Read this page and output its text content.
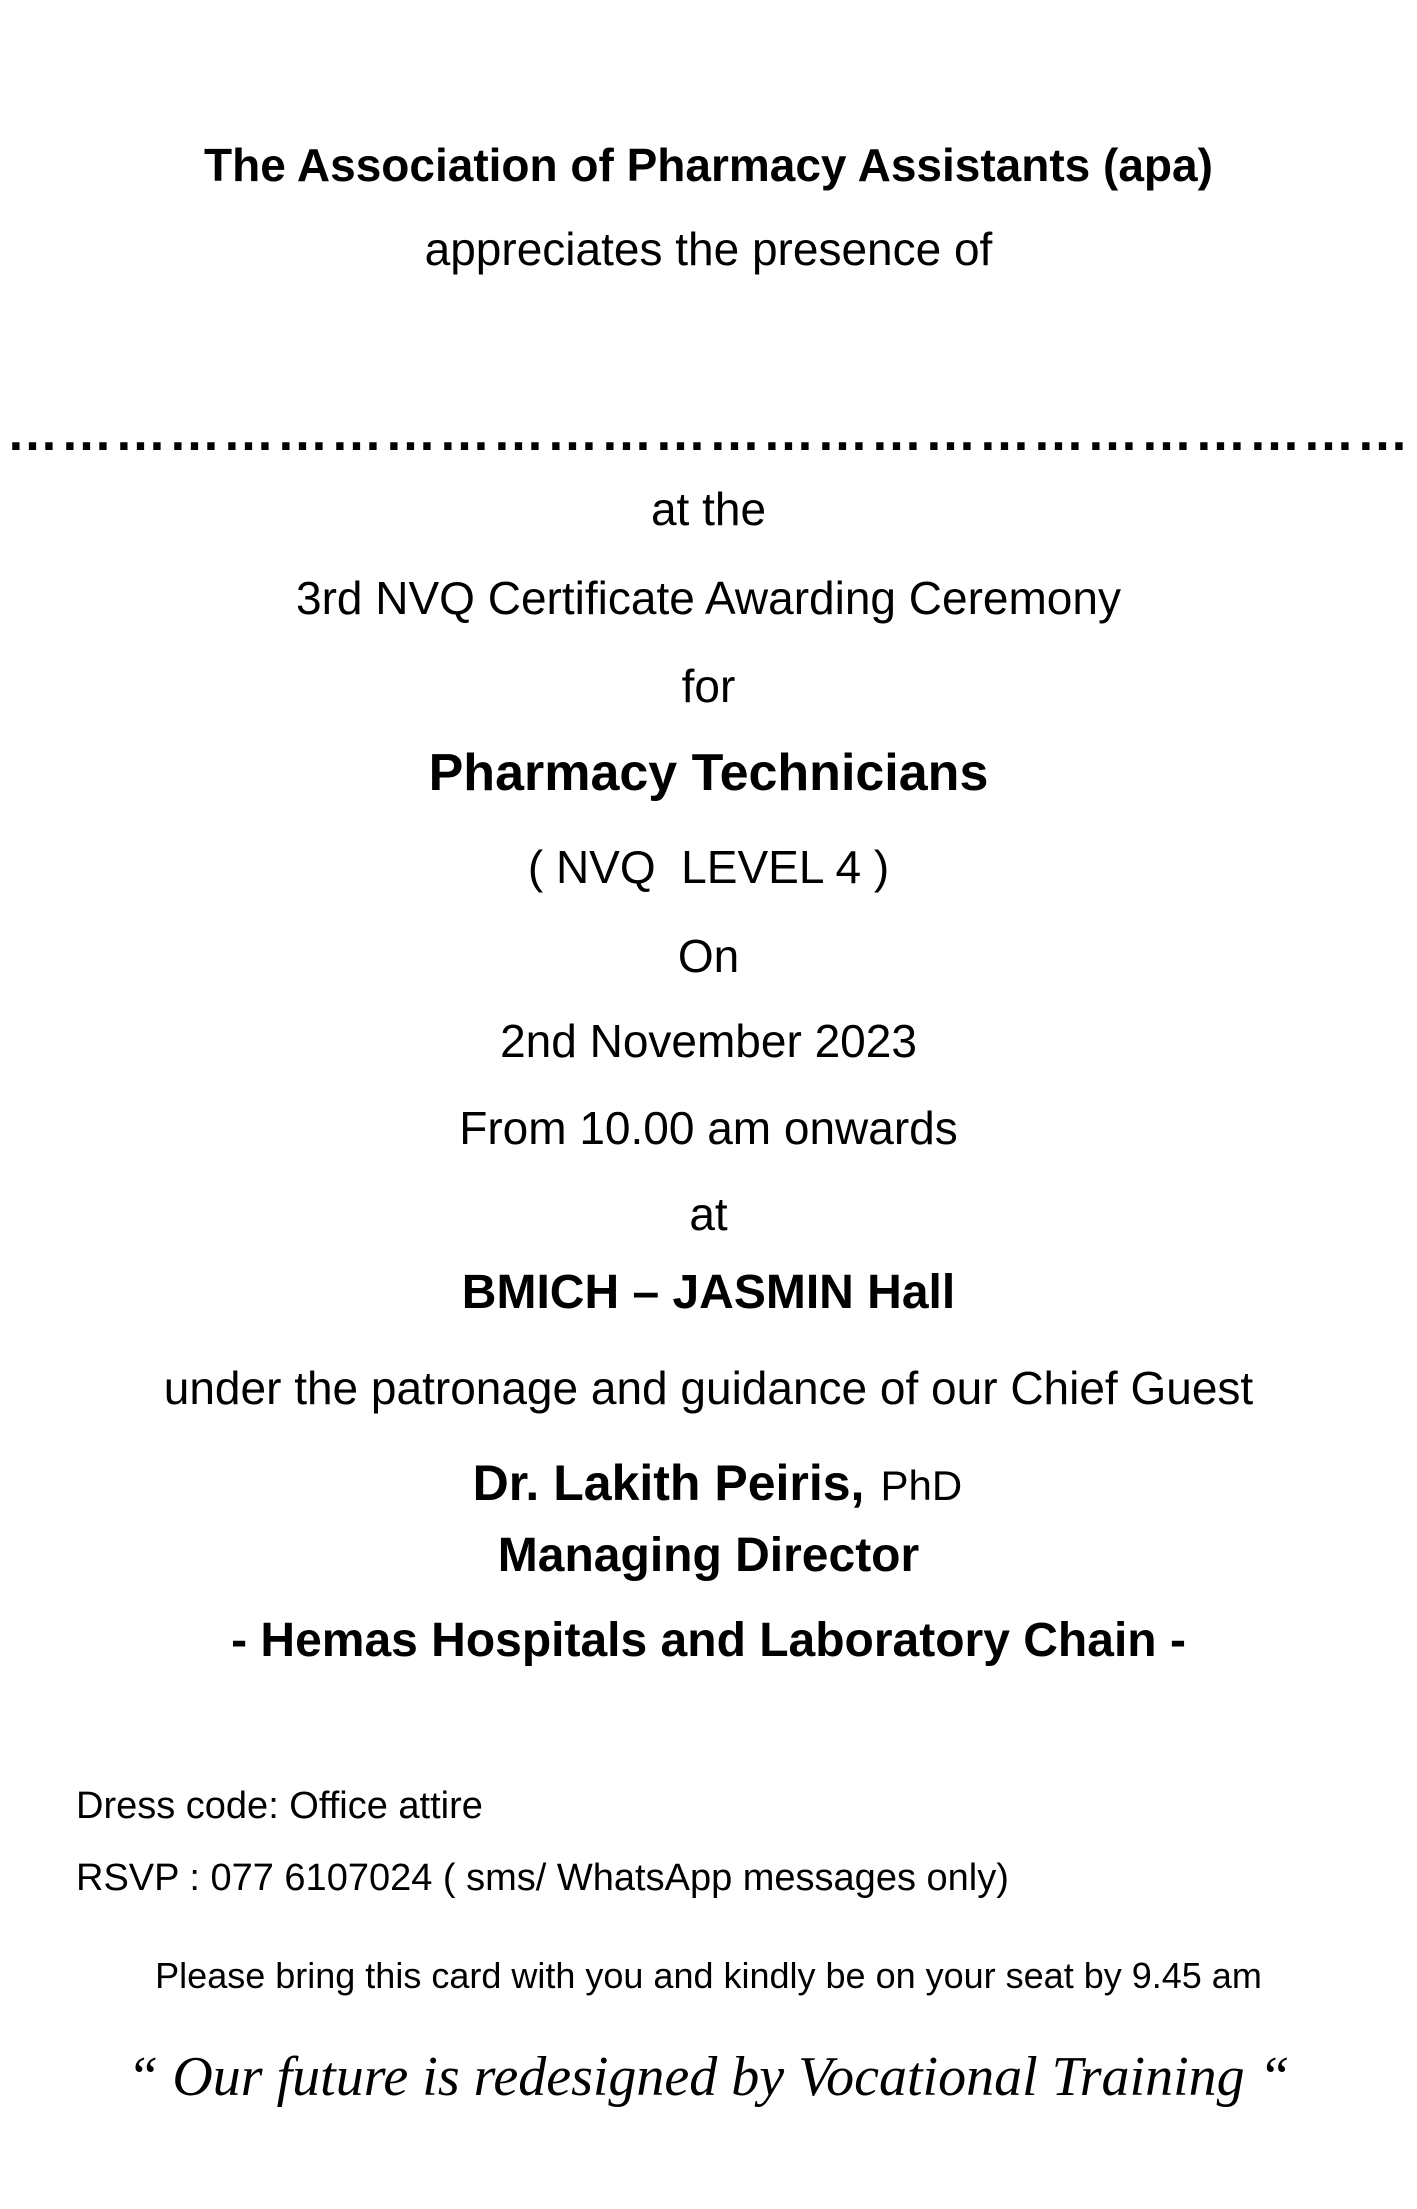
The Association of Pharmacy Assistants (apa)
appreciates the presence of
……………………………………………………………………
at the
3rd NVQ Certificate Awarding Ceremony
for
Pharmacy Technicians
( NVQ  LEVEL 4 )
On
2nd November 2023
From 10.00 am onwards
at
BMICH – JASMIN Hall
under the patronage and guidance of our Chief Guest

Dr. Lakith Peiris, PhD

Managing Director
- Hemas Hospitals and Laboratory Chain -
Dress code: Office attire
RSVP : 077 6107024 ( sms/ WhatsApp messages only)
Please bring this card with you and kindly be on your seat by 9.45 am
“ Our future is redesigned by Vocational Training “
